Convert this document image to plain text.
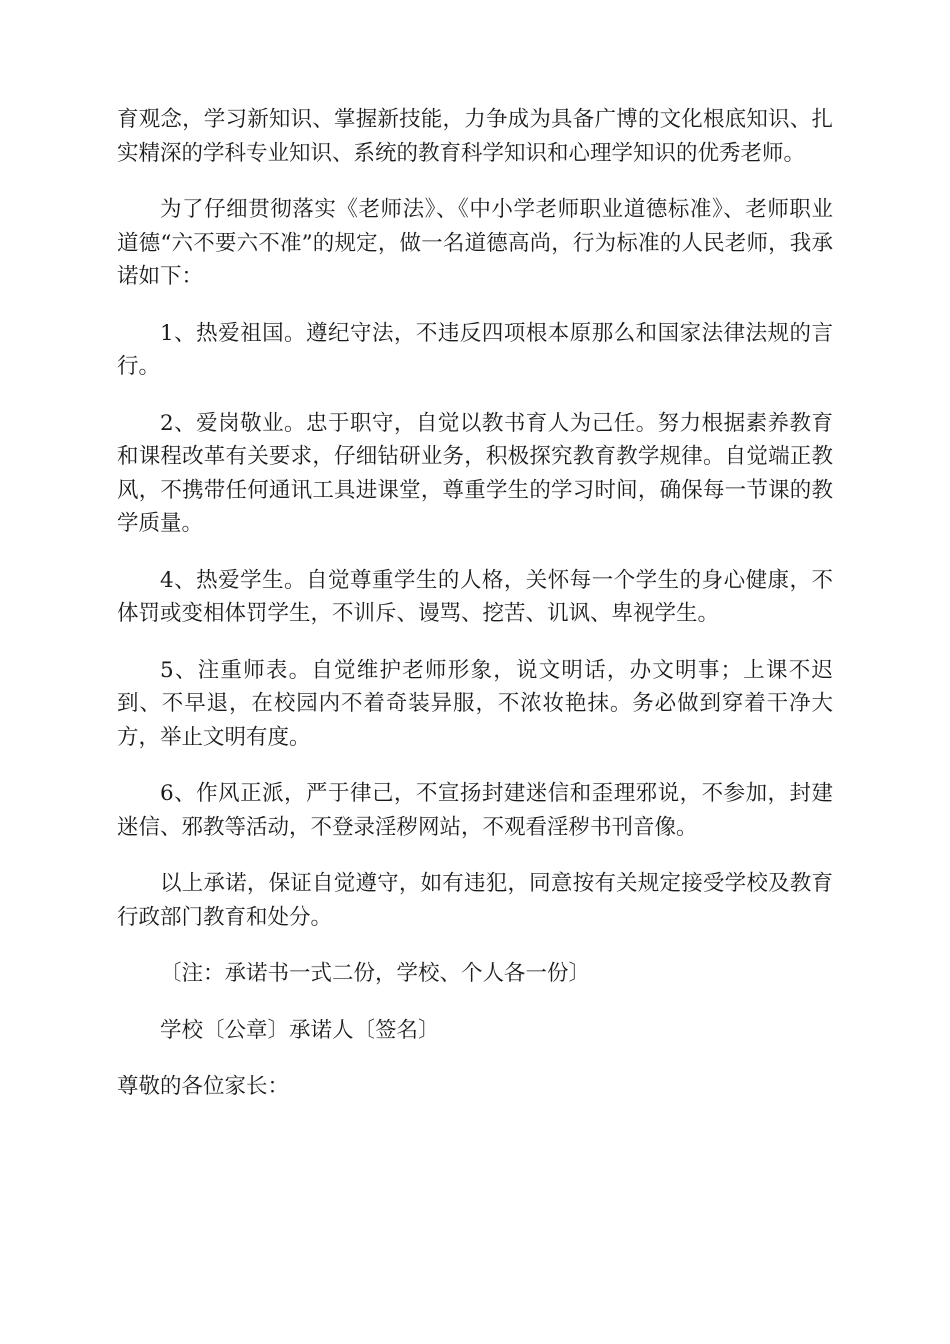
育观念，学习新知识、掌握新技能，力争成为具备广博的文化根底知识、扎实精深的学科专业知识、系统的教育科学知识和心理学知识的优秀老师。

为了仔细贯彻落实《老师法》、《中小学老师职业道德标准》、老师职业道德“六不要六不准”的规定，做一名道德高尚，行为标准的人民老师，我承诺如下：

1、热爱祖国。遵纪守法，不违反四项根本原那么和国家法律法规的言行。

2、爱岗敬业。忠于职守，自觉以教书育人为己任。努力根据素养教育和课程改革有关要求，仔细钻研业务，积极探究教育教学规律。自觉端正教风，不携带任何通讯工具进课堂，尊重学生的学习时间，确保每一节课的教学质量。

4、热爱学生。自觉尊重学生的人格，关怀每一个学生的身心健康，不体罚或变相体罚学生，不训斥、谩骂、挖苦、讥讽、卑视学生。

5、注重师表。自觉维护老师形象，说文明话，办文明事；上课不迟到、不早退，在校园内不着奇装异服，不浓妆艳抹。务必做到穿着干净大方，举止文明有度。

6、作风正派，严于律己，不宣扬封建迷信和歪理邪说，不参加，封建迷信、邪教等活动，不登录淫秽网站，不观看淫秽书刊音像。

以上承诺，保证自觉遵守，如有违犯，同意按有关规定接受学校及教育行政部门教育和处分。

〔注：承诺书一式二份，学校、个人各一份〕

学校〔公章〕承诺人〔签名〕

尊敬的各位家长：
